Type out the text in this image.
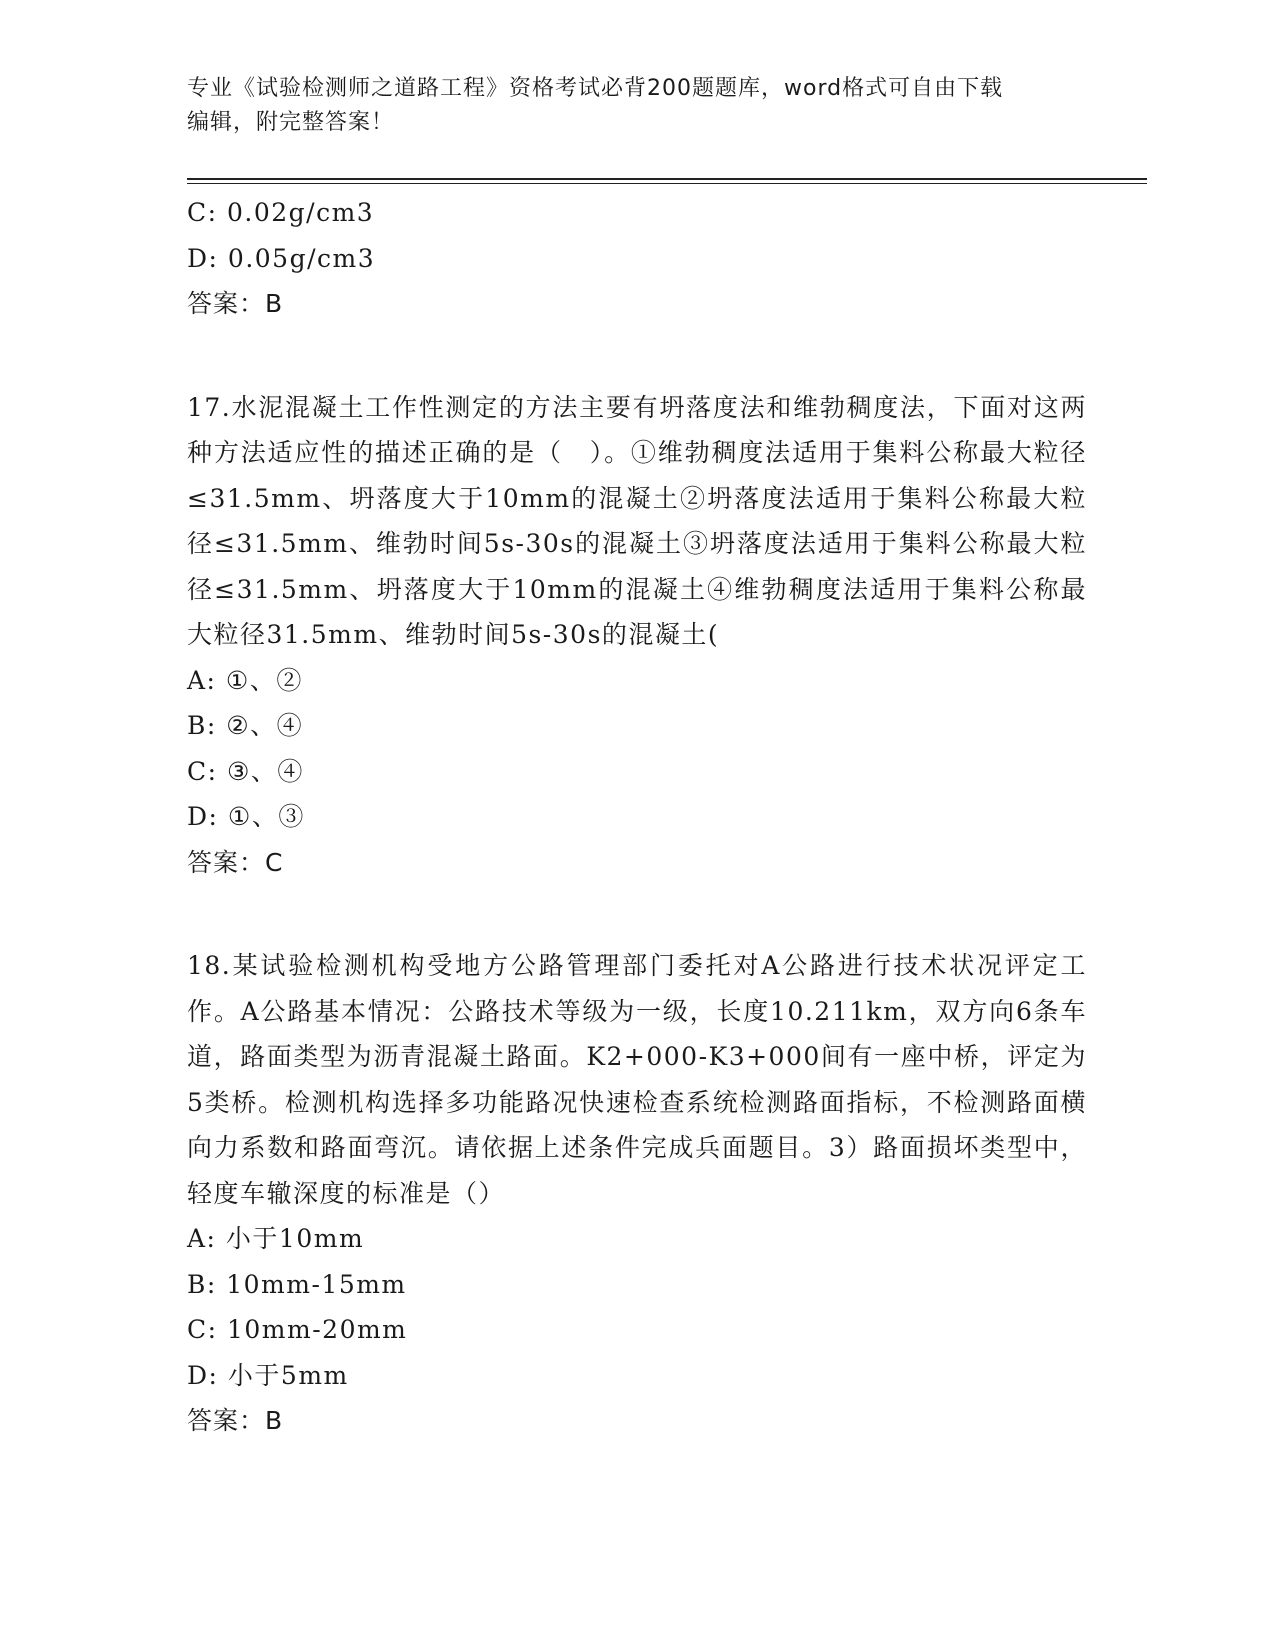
专业《试验检测师之道路工程》资格考试必背200题题库，word格式可自由下载
编辑，附完整答案！
C: 0.02g/cm3
D: 0.05g/cm3
答案：B
17.水泥混凝土工作性测定的方法主要有坍落度法和维勃稠度法，下面对这两种方法适应性的描述正确的是（　）。①维勃稠度法适用于集料公称最大粒径≤31.5mm、坍落度大于10mm的混凝土②坍落度法适用于集料公称最大粒径≤31.5mm、维勃时间5s-30s的混凝土③坍落度法适用于集料公称最大粒径≤31.5mm、坍落度大于10mm的混凝土④维勃稠度法适用于集料公称最大粒径31.5mm、维勃时间5s-30s的混凝土(
A: ①、②
B: ②、④
C: ③、④
D: ①、③
答案：C
18.某试验检测机构受地方公路管理部门委托对A公路进行技术状况评定工作。A公路基本情况：公路技术等级为一级，长度10.211km，双方向6条车道，路面类型为沥青混凝土路面。K2+000-K3+000间有一座中桥，评定为5类桥。检测机构选择多功能路况快速检查系统检测路面指标，不检测路面横向力系数和路面弯沉。请依据上述条件完成兵面题目。3）路面损坏类型中，轻度车辙深度的标准是（）
A: 小于10mm
B: 10mm-15mm
C: 10mm-20mm
D: 小于5mm
答案：B
